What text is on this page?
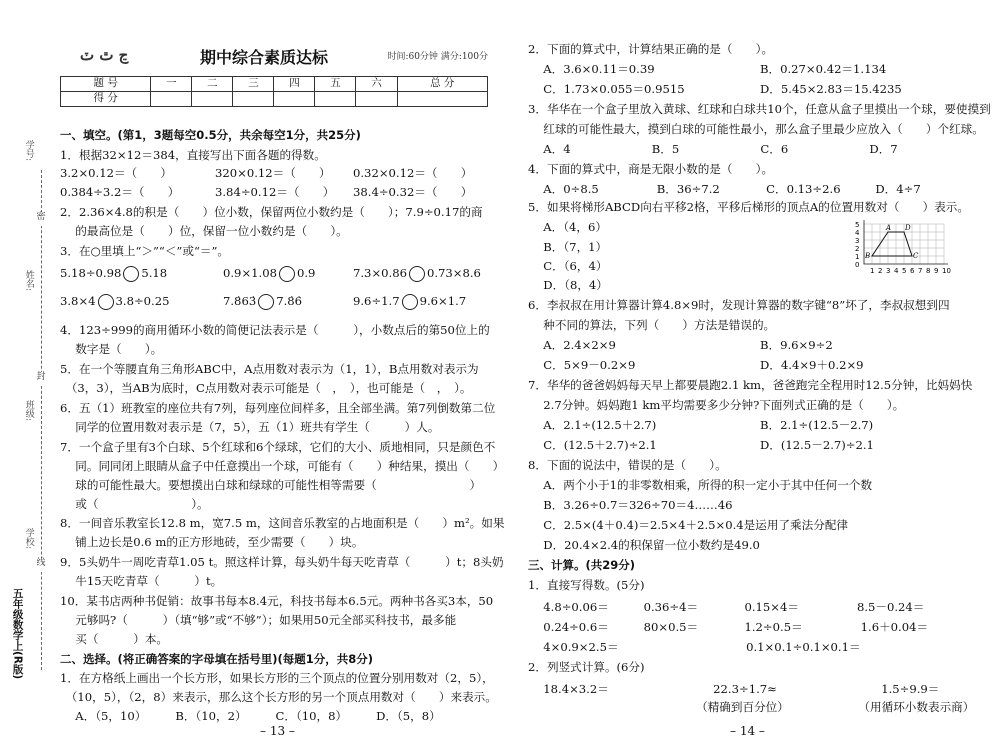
学号:
姓名:
班级:
学校:
密
封
线
五年级数学上(R版)
ڃ ٿ ٽ	期中综合素质达标	时间:60分钟 满分:100分
题 号	一	二	三	四	五	六	总 分
得 分							
一、填空。(第1，3题每空0.5分，共余每空1分，共25分)
1．根据32×12＝384，直接写出下面各题的得数。
2．2.36×4.8的积是（　　）位小数，保留两位小数约是（　　）；7.9÷0.17的商
　 的最高位是（　　）位，保留一位小数约是（　　）。
3．在○里填上“＞”“＜”或“＝”。
4．123÷999的商用循环小数的简便记法表示是（　　　），小数点后的第50位上的
　 数字是（　　）。
5．在一个等腰直角三角形ABC中，A点用数对表示为（1，1），B点用数对表示为
　（3，3），当AB为底时，C点用数对表示可能是（　，　），也可能是（　，　）。
6．五（1）班教室的座位共有7列，每列座位间样多，且全部坐满。第7列倒数第二位
　 同学的位置用数对表示是（7，5），五（1）班共有学生（　　　）人。
7．一个盒子里有3个白球、5个红球和6个绿球，它们的大小、质地相同，只是颜色不
　 同。同同闭上眼睛从盒子中任意摸出一个球，可能有（　　）种结果，摸出（　　）
　 球的可能性最大。要想摸出白球和绿球的可能性相等需要（　　　　　　　　）
　 或（　　　　　　　　）。
8．一间音乐教室长12.8 m，宽7.5 m，这间音乐教室的占地面积是（　　）m²。如果
　 铺上边长是0.6 m的正方形地砖，至少需要（　　）块。
9．5头奶牛一周吃青草1.05 t。照这样计算，每头奶牛每天吃青草（　　　）t；8头奶
　 牛15天吃青草（　　　）t。
10．某书店两种书促销：故事书每本8.4元，科技书每本6.5元。两种书各买3本，50
　 元够吗?（　　　）（填“够”或“不够”）；如果用50元全部买科技书，最多能
　 买（　　　）本。
二、选择。(将正确答案的字母填在括号里)(每题1分，共8分)
1．在方格纸上画出一个长方形，如果长方形的三个顶点的位置分别用数对（2，5），
　（10，5），（2，8）来表示，那么这个长方形的另一个顶点用数对（　　）来表示。
　 A．（5，10）　　　B．（10，2）　　　C．（10，8）　　　D．（5，8）
3.2×0.12＝（　　）	320×0.12＝（　　） 0.32×0.12＝（　　）
0.384÷3.2＝（　　）	3.84÷0.12＝（　　） 38.4÷0.32＝（　　）
5.18÷0.98 5.18	0.9×1.08 0.9	7.3×0.86 0.73×8.6
3.8×4 3.8÷0.25	7.8̇63̇ 7.8̇6̇	9.6÷1.7 9.6×1.7
– 13 –
2．下面的算式中，计算结果正确的是（　　）。
　 A．3.6×0.11＝0.39	B．0.27×0.42＝1.134
　 C．1.73×0.055＝0.9515	D．5.45×2.83＝15.4235
3．华华在一个盒子里放入黄球、红球和白球共10个，任意从盒子里摸出一个球，要使摸到
　 红球的可能性最大，摸到白球的可能性最小，那么盒子里最少应放入（　　）个红球。
　 A．4　　　　　　　B．5　　　　　　　C．6　　　　　　　D．7
4．下面的算式中，商是无限小数的是（　　）。
　 A．0÷8.5　　　　　B．36÷7.2　　　　C．0.13÷2.6　　　D．4÷7
5．如果将梯形ABCD向右平移2格，平移后梯形的顶点A的位置用数对（　　）表示。
　 A．（4，6）
　 B．（7，1）
　 C．（6，4）
　 D．（8，4）
6．李叔叔在用计算器计算4.8×9时，发现计算器的数字键“8”坏了，李叔叔想到四
　 种不同的算法，下列（　　）方法是错误的。
　 A．2.4×2×9	B．9.6×9÷2
　 C．5×9－0.2×9	D．4.4×9＋0.2×9
7．华华的爸爸妈妈每天早上都要晨跑2.1 km，爸爸跑完全程用时12.5分钟，比妈妈快
　 2.7分钟。妈妈跑1 km平均需要多少分钟?下面列式正确的是（　　）。
　 A．2.1÷(12.5＋2.7)	B．2.1÷(12.5－2.7)
　 C．(12.5＋2.7)÷2.1	D．(12.5－2.7)÷2.1
8．下面的说法中，错误的是（　　）。
　 A．两个小于1的非零数相乘，所得的积一定小于其中任何一个数
　 B．3.26÷0.7＝326÷70＝4……46
　 C．2.5×(4＋0.4)＝2.5×4＋2.5×0.4是运用了乘法分配律
　 D．20.4×2.4的积保留一位小数约是49.0
三、计算。(共29分)
1．直接写得数。(5分)
　 4.8÷0.06＝　　　0.36÷4＝　　　　0.15×4＝　　　　　8.5－0.24＝
　 0.24÷0.6＝　　　80×0.5＝　　　　1.2÷0.5＝　　　　　1.6＋0.04＝
　 4×0.9×2.5＝　　　　　　　　　　　0.1×0.1÷0.1×0.1＝
2．列竖式计算。(6分)
　 18.4×3.2＝　　　　　　　　　22.3÷1.7≈　　　　　　　　　1.5÷9.9＝
　　　　　　　　　　　　　　　（精确到百分位）　　　　　　　（用循环小数表示商）
5
4
3
2
1
0
1 2 3 4 5 6 7 8 9 10
A D
B	C
– 14 –
